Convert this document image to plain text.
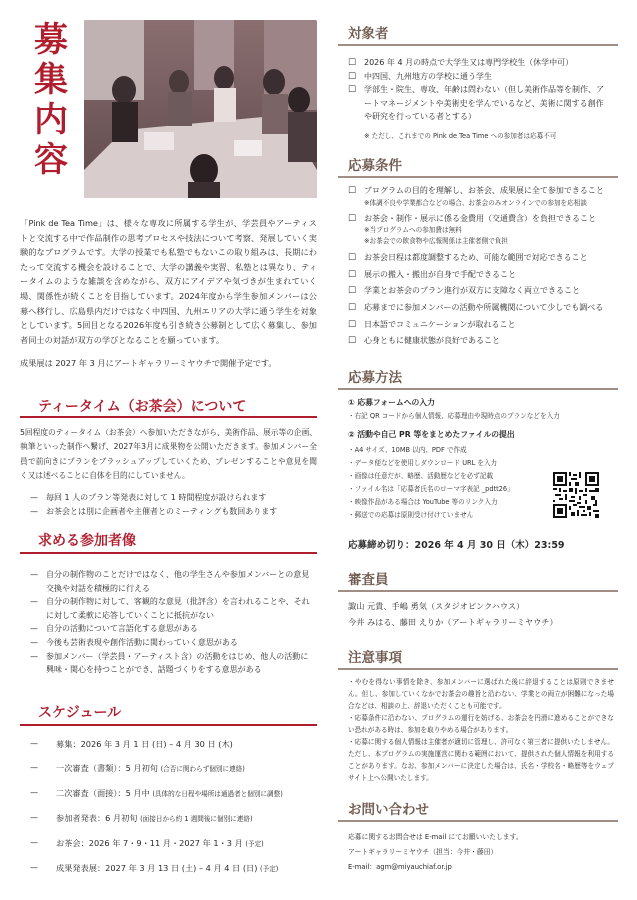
募
集
内
容
「Pink de Tea Time」は、様々な専攻に所属する学生が、学芸員やアーティストと交流する中で作品制作の思考プロセスや技法について考察、発展していく実験的なプログラムです。大学の授業でも私塾でもないこの取り組みは、長期にわたって交流する機会を設けることで、大学の講義や実習、私塾とは異なり、ティータイムのような雑談を含めながら、双方にアイデアや気づきが生まれていく場、関係性が続くことを目指しています。2024年度から学生参加メンバーは公募へ移行し、広島県内だけではなく中四国、九州エリアの大学に通う学生を対象としています。5回目となる2026年度も引き続き公募制として広く募集し、参加者同士の対話が双方の学びとなることを願っています。
成果展は 2027 年 3 月にアートギャラリーミヤウチで開催予定です。
ティータイム（お茶会）について
5回程度のティータイム（お茶会）へ参加いただきながら、美術作品、展示等の企画、執筆といった制作へ繋げ、2027年3月に成果物を公開いただきます。参加メンバー全員で前向きにプランをブラッシュアップしていくため、プレゼンすることや意見を聞く又は述べることに自体を目的にしていません。
— 毎回 1 人のプラン等発表に対して 1 時間程度が設けられます
— お茶会とは別に企画者や主催者とのミーティングも数回あります
求める参加者像
— 自分の制作物のことだけではなく、他の学生さんや参加メンバーとの意見交換や対話を積極的に行える
— 自分の制作物に対して、客観的な意見（批評含）を言われることや、それに対して柔軟に応答していくことに抵抗がない
— 自分の活動について言語化する意思がある
— 今後も芸術表現や創作活動に関わっていく意思がある
— 参加メンバー（学芸員・アーティスト含）の活動をはじめ、他人の活動に興味・関心を持つことができ、話題づくりをする意思がある
スケジュール
— 募集：2026 年 3 月 1 日 (日) – 4 月 30 日 (木)
— 一次審査（書類）：5 月初旬 (合否に関わらず個別に連絡)
— 二次審査（面接）：5 月中 (具体的な日程や場所は通過者と個別に調整)
— 参加者発表：6 月初旬 (面接日から約 1 週間後に個別に連絡)
— お茶会：2026 年 7・9・11 月・2027 年 1・3 月 (予定)
— 成果発表展：2027 年 3 月 13 日 (土) – 4 月 4 日 (日) (予定)
対象者
□ 2026 年 4 月の時点で大学生又は専門学校生（休学中可）
□ 中四国、九州地方の学校に通う学生
□ 学部生・院生、専攻、年齢は問わない（但し美術作品等を制作、アートマネージメントや美術史を学んでいるなど、美術に関する創作や研究を行っている者とする）
※ ただし、これまでの Pink de Tea Time への参加者は応募不可
応募条件
□ プログラムの目的を理解し、お茶会、成果展に全て参加できること
※体調不良や学業都合などの場合、お茶会のみオンラインでの参加を応相談
□ お茶会・制作・展示に係る金費用（交通費含）を負担できること
※当プログラムへの参加費は無料
※お茶会での飲食物や広報関係は主催者側で負担
□ お茶会日程は都度調整するため、可能な範囲で対応できること
□ 展示の搬入・搬出が自身で手配できること
□ 学業とお茶会のプラン進行が双方に支障なく両立できること
□ 応募までに参加メンバーの活動や所属機関について少しでも調べる
□ 日本語でコミュニケーションが取れること
□ 心身ともに健康状態が良好であること
応募方法
① 応募フォームへの入力
・右記 QR コードから個人情報、応募理由や現時点のプランなどを入力
② 活動や自己 PR 等をまとめたファイルの提出
・A4 サイズ、10MB 以内、PDF で作成
・データ便などを使用しダウンロード URL を入力
・画像は任意だが、略歴、活動歴などを必ず記載
・ファイル名は「応募者氏名のローマ字表記 _pdtt26」
・映像作品がある場合は YouTube 等のリンク入力
・郵送での応募は原則受け付けていません
応募締め切り：2026 年 4 月 30 日（木）23:59
審査員
諏山 元貴、手嶋 勇気（スタジオピンクハウス）
今井 みはる、藤田 えりか（アートギャラリーミヤウチ）
注意事項
・やむを得ない事情を除き、参加メンバーに選ばれた後に辞退することは原則できません。但し、参加していくなかでお茶会の趣旨と沿わない、学業との両立が困難になった場合などは、相談の上、辞退いただくことも可能です。
・応募条件に沿わない、プログラムの運行を妨げる、お茶会を円滑に進めることができない恐れがある時は、参加を取りやめる場合があります。
・応募に関する個人情報は主催者が適切に管理し、許可なく第三者に提供いたしません。ただし、本プログラムの実施運営に関わる範囲において、提供された個人情報を利用することがあります。なお、参加メンバーに決定した場合は、氏名・学校名・略歴等をウェブサイト上へ公開いたします。
お問い合わせ
応募に関するお問合せは E-mail にてお願いいたします。
アートギャラリーミヤウチ（担当：今井・藤田）
E-mail：agm@miyauchiaf.or.jp
